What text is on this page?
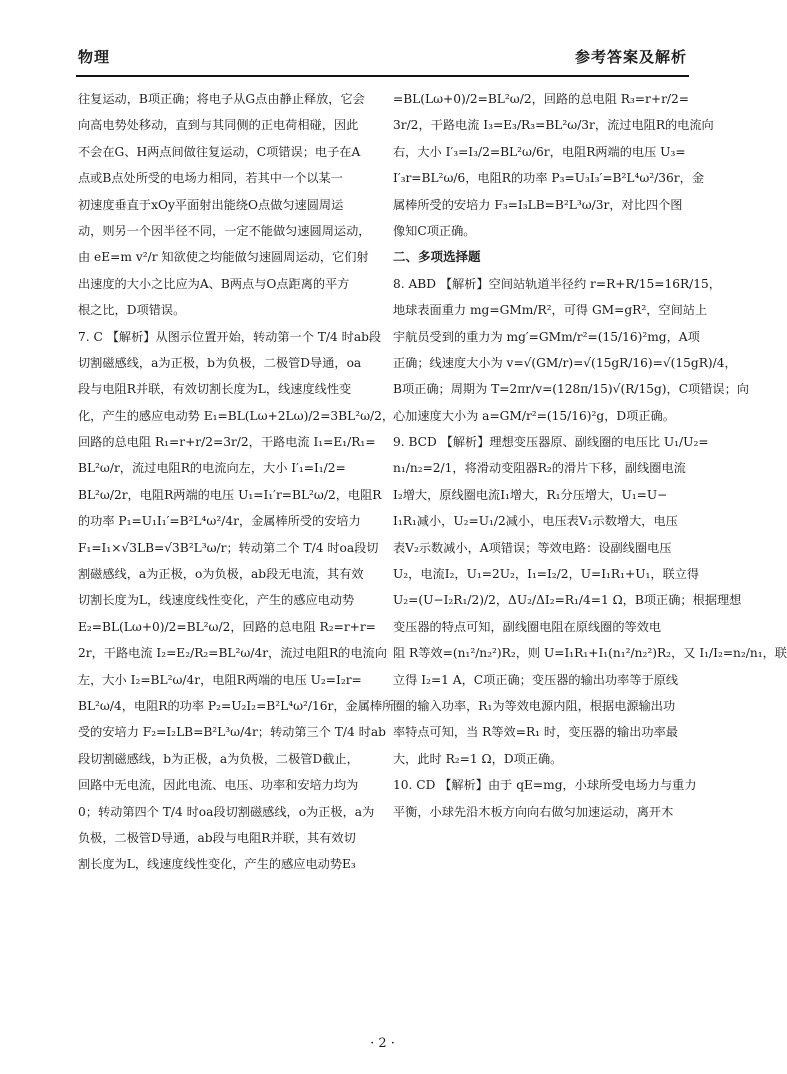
物理	参考答案及解析
往复运动，B项正确；将电子从G点由静止释放，它会
向高电势处移动，直到与其同侧的正电荷相碰，因此
不会在G、H两点间做往复运动，C项错误；电子在A
点或B点处所受的电场力相同，若其中一个以某一
初速度垂直于xOy平面射出能绕O点做匀速圆周运
动，则另一个因半径不同，一定不能做匀速圆周运动，
由 eE=m v²/r 知欲使之均能做匀速圆周运动，它们射
出速度的大小之比应为A、B两点与O点距离的平方
根之比，D项错误。
7. C 【解析】从图示位置开始，转动第一个 T/4 时ab段
切割磁感线，a为正极，b为负极，二极管D导通，oa
段与电阻R并联，有效切割长度为L，线速度线性变
化，产生的感应电动势 E₁=BL(Lω+2Lω)/2=3BL²ω/2，
回路的总电阻 R₁=r+r/2=3r/2，干路电流 I₁=E₁/R₁=
BL²ω/r，流过电阻R的电流向左，大小 I′₁=I₁/2=
BL²ω/2r，电阻R两端的电压 U₁=I₁′r=BL²ω/2，电阻R
的功率 P₁=U₁I₁′=B²L⁴ω²/4r，金属棒所受的安培力
F₁=I₁×√3LB=√3B²L³ω/r；转动第二个 T/4 时oa段切
割磁感线，a为正极，o为负极，ab段无电流，其有效
切割长度为L，线速度线性变化，产生的感应电动势
E₂=BL(Lω+0)/2=BL²ω/2，回路的总电阻 R₂=r+r=
2r，干路电流 I₂=E₂/R₂=BL²ω/4r，流过电阻R的电流向
左，大小 I₂=BL²ω/4r，电阻R两端的电压 U₂=I₂r=
BL²ω/4，电阻R的功率 P₂=U₂I₂=B²L⁴ω²/16r，金属棒所
受的安培力 F₂=I₂LB=B²L³ω/4r；转动第三个 T/4 时ab
段切割磁感线，b为正极，a为负极，二极管D截止，
回路中无电流，因此电流、电压、功率和安培力均为
0；转动第四个 T/4 时oa段切割磁感线，o为正极，a为
负极，二极管D导通，ab段与电阻R并联，其有效切
割长度为L，线速度线性变化，产生的感应电动势E₃
=BL(Lω+0)/2=BL²ω/2，回路的总电阻 R₃=r+r/2=
3r/2，干路电流 I₃=E₃/R₃=BL²ω/3r，流过电阻R的电流向
右，大小 I′₃=I₃/2=BL²ω/6r，电阻R两端的电压 U₃=
I′₃r=BL²ω/6，电阻R的功率 P₃=U₃I₃′=B²L⁴ω²/36r，金
属棒所受的安培力 F₃=I₃LB=B²L³ω/3r，对比四个图
像知C项正确。
二、多项选择题
8. ABD 【解析】空间站轨道半径约 r=R+R/15=16R/15，
地球表面重力 mg=GMm/R²，可得 GM=gR²，空间站上
宇航员受到的重力为 mg′=GMm/r²=(15/16)²mg，A项
正确；线速度大小为 v=√(GM/r)=√(15gR/16)=√(15gR)/4，
B项正确；周期为 T=2πr/v=(128π/15)√(R/15g)，C项错误；向
心加速度大小为 a=GM/r²=(15/16)²g，D项正确。
9. BCD 【解析】理想变压器原、副线圈的电压比 U₁/U₂=
n₁/n₂=2/1，将滑动变阻器R₂的滑片下移，副线圈电流
I₂增大，原线圈电流I₁增大，R₁分压增大，U₁=U−
I₁R₁减小，U₂=U₁/2减小，电压表V₁示数增大，电压
表V₂示数减小，A项错误；等效电路：设副线圈电压
U₂，电流I₂，U₁=2U₂，I₁=I₂/2，U=I₁R₁+U₁，联立得
U₂=(U−I₂R₁/2)/2，ΔU₂/ΔI₂=R₁/4=1 Ω，B项正确；根据理想
变压器的特点可知，副线圈电阻在原线圈的等效电
阻 R等效=(n₁²/n₂²)R₂，则 U=I₁R₁+I₁(n₁²/n₂²)R₂，又 I₁/I₂=n₂/n₁，联
立得 I₂=1 A，C项正确；变压器的输出功率等于原线
圈的输入功率，R₁为等效电源内阻，根据电源输出功
率特点可知，当 R等效=R₁ 时，变压器的输出功率最
大，此时 R₂=1 Ω，D项正确。
10. CD 【解析】由于 qE=mg，小球所受电场力与重力
平衡，小球先沿木板方向向右做匀加速运动，离开木
· 2 ·
